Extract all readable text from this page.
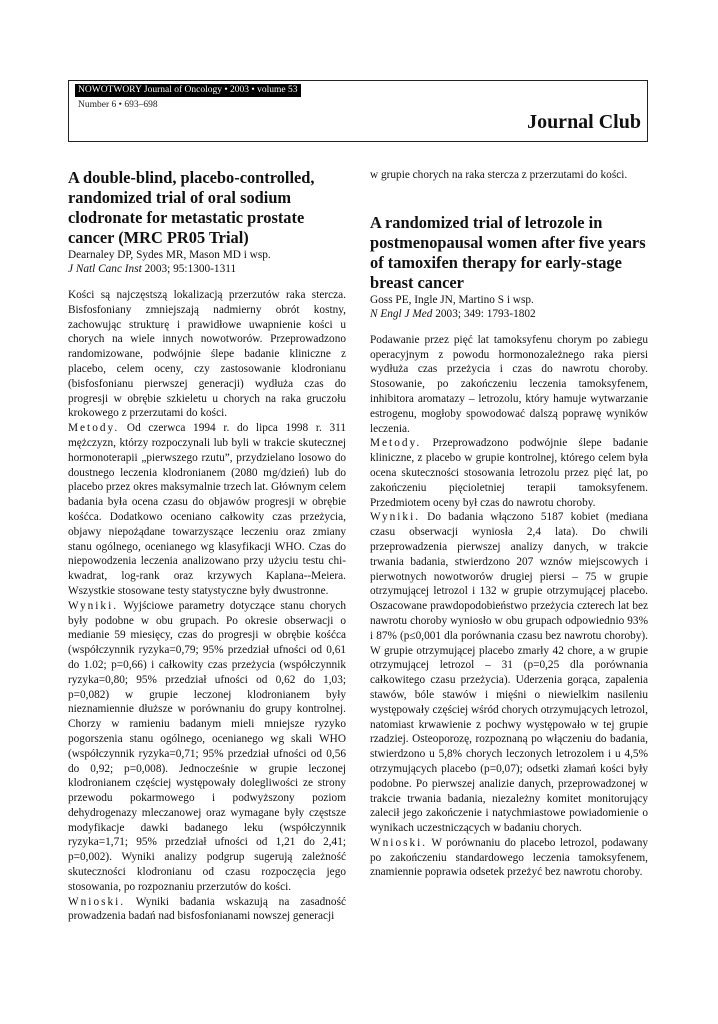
NOWOTWORY Journal of Oncology • 2003 • volume 53
Number 6 • 693–698
Journal Club
A double-blind, placebo-controlled, randomized trial of oral sodium clodronate for metastatic prostate cancer (MRC PR05 Trial)

Dearnaley DP, Sydes MR, Mason MD i wsp.

J Natl Canc Inst 2003; 95:1300-1311

Kości są najczęstszą lokalizacją przerzutów raka stercza. Bisfosfoniany zmniejszają nadmierny obrót kostny, zachowując strukturę i prawidłowe uwapnienie kości u chorych na wiele innych nowotworów. Przeprowadzono randomizowane, podwójnie ślepe badanie kliniczne z placebo, celem oceny, czy zastosowanie klodronianu (bisfosfonianu pierwszej generacji) wydłuża czas do progresji w obrębie szkieletu u chorych na raka gruczołu krokowego z przerzutami do kości.

Metody. Od czerwca 1994 r. do lipca 1998 r. 311 mężczyzn, którzy rozpoczynali lub byli w trakcie skutecznej hormonoterapii „pierwszego rzutu”, przydzielano losowo do doustnego leczenia klodronianem (2080 mg/dzień) lub do placebo przez okres maksymalnie trzech lat. Głównym celem badania była ocena czasu do objawów progresji w obrębie kośćca. Dodatkowo oceniano całkowity czas przeżycia, objawy niepożądane towarzyszące leczeniu oraz zmiany stanu ogólnego, ocenianego wg klasyfikacji WHO. Czas do niepowodzenia leczenia analizowano przy użyciu testu chi-kwadrat, log-rank oraz krzywych Kaplana--Meiera. Wszystkie stosowane testy statystyczne były dwustronne.

Wyniki. Wyjściowe parametry dotyczące stanu chorych były podobne w obu grupach. Po okresie obserwacji o medianie 59 miesięcy, czas do progresji w obrębie kośćca (współczynnik ryzyka=0,79; 95% przedział ufności od 0,61 do 1.02; p=0,66) i całkowity czas przeżycia (współczynnik ryzyka=0,80; 95% przedział ufności od 0,62 do 1,03; p=0,082) w grupie leczonej klodronianem były nieznamiennie dłuższe w porównaniu do grupy kontrolnej. Chorzy w ramieniu badanym mieli mniejsze ryzyko pogorszenia stanu ogólnego, ocenianego wg skali WHO (współczynnik ryzyka=0,71; 95% przedział ufności od 0,56 do 0,92; p=0,008). Jednocześnie w grupie leczonej klodronianem częściej występowały dolegliwości ze strony przewodu pokarmowego i podwyższony poziom dehydrogenazy mleczanowej oraz wymagane były częstsze modyfikacje dawki badanego leku (współczynnik ryzyka=1,71; 95% przedział ufności od 1,21 do 2,41; p=0,002). Wyniki analizy podgrup sugerują zależność skuteczności klodronianu od czasu rozpoczęcia jego stosowania, po rozpoznaniu przerzutów do kości.

Wnioski. Wyniki badania wskazują na zasadność prowadzenia badań nad bisfosfonianami nowszej generacji

w grupie chorych na raka stercza z przerzutami do kości.

A randomized trial of letrozole in postmenopausal women after five years of tamoxifen therapy for early-stage breast cancer

Goss PE, Ingle JN, Martino S i wsp.

N Engl J Med 2003; 349: 1793-1802

Podawanie przez pięć lat tamoksyfenu chorym po zabiegu operacyjnym z powodu hormonozależnego raka piersi wydłuża czas przeżycia i czas do nawrotu choroby. Stosowanie, po zakończeniu leczenia tamoksyfenem, inhibitora aromatazy – letrozolu, który hamuje wytwarzanie estrogenu, mogłoby spowodować dalszą poprawę wyników leczenia.

Metody. Przeprowadzono podwójnie ślepe badanie kliniczne, z placebo w grupie kontrolnej, którego celem była ocena skuteczności stosowania letrozolu przez pięć lat, po zakończeniu pięcioletniej terapii tamoksyfenem. Przedmiotem oceny był czas do nawrotu choroby.

Wyniki. Do badania włączono 5187 kobiet (mediana czasu obserwacji wyniosła 2,4 lata). Do chwili przeprowadzenia pierwszej analizy danych, w trakcie trwania badania, stwierdzono 207 wznów miejscowych i pierwotnych nowotworów drugiej piersi – 75 w grupie otrzymującej letrozol i 132 w grupie otrzymującej placebo. Oszacowane prawdopodobieństwo przeżycia czterech lat bez nawrotu choroby wyniosło w obu grupach odpowiednio 93% i 87% (p≤0,001 dla porównania czasu bez nawrotu choroby). W grupie otrzymującej placebo zmarły 42 chore, a w grupie otrzymującej letrozol – 31 (p=0,25 dla porównania całkowitego czasu przeżycia). Uderzenia gorąca, zapalenia stawów, bóle stawów i mięśni o niewielkim nasileniu występowały częściej wśród chorych otrzymujących letrozol, natomiast krwawienie z pochwy występowało w tej grupie rzadziej. Osteoporozę, rozpoznaną po włączeniu do badania, stwierdzono u 5,8% chorych leczonych letrozolem i u 4,5% otrzymujących placebo (p=0,07); odsetki złamań kości były podobne. Po pierwszej analizie danych, przeprowadzonej w trakcie trwania badania, niezależny komitet monitorujący zalecił jego zakończenie i natychmiastowe powiadomienie o wynikach uczestniczących w badaniu chorych.

Wnioski. W porównaniu do placebo letrozol, podawany po zakończeniu standardowego leczenia tamoksyfenem, znamiennie poprawia odsetek przeżyć bez nawrotu choroby.
